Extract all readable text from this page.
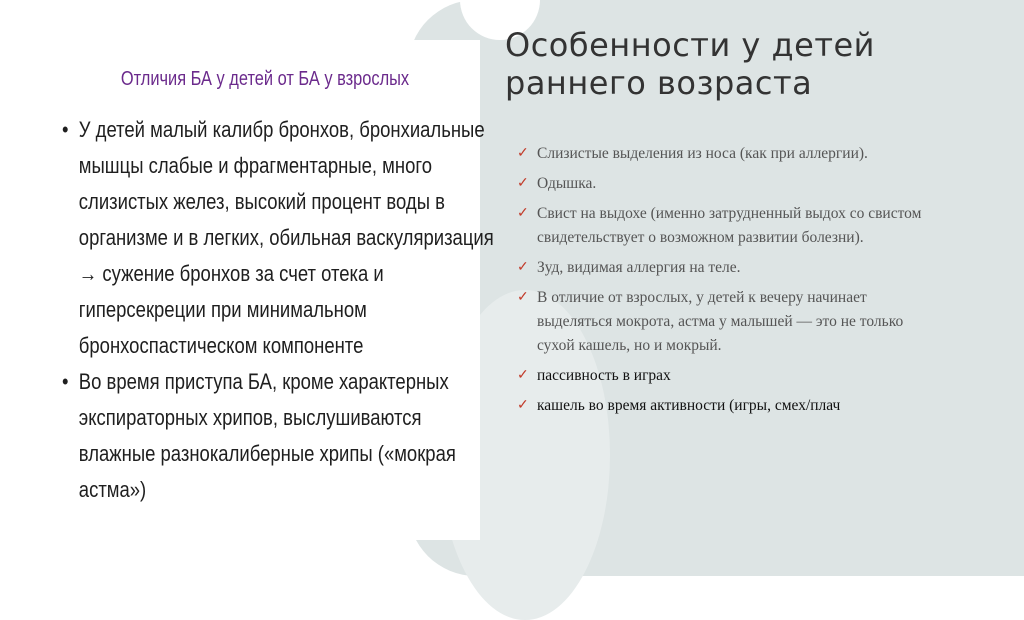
Отличия БА у детей от БА у взрослых
• У детей малый калибр бронхов, бронхиальные мышцы слабые и фрагментарные, много слизистых желез, высокий процент воды в организме и в легких, обильная васкуляризация → сужение бронхов за счет отека и гиперсекреции при минимальном бронхоспастическом компоненте
• Во время приступа БА, кроме характерных экспираторных хрипов, выслушиваются влажные разнокалиберные хрипы («мокрая астма»)
Особенности у детей раннего возраста
✓ Слизистые выделения из носа (как при аллергии).
✓ Одышка.
✓ Свист на выдохе (именно затрудненный выдох со свистом свидетельствует о возможном развитии болезни).
✓ Зуд, видимая аллергия на теле.
✓ В отличие от взрослых, у детей к вечеру начинает выделяться мокрота, астма у малышей — это не только сухой кашель, но и мокрый.
✓ пассивность в играх
✓ кашель во время активности (игры, смех/плач
